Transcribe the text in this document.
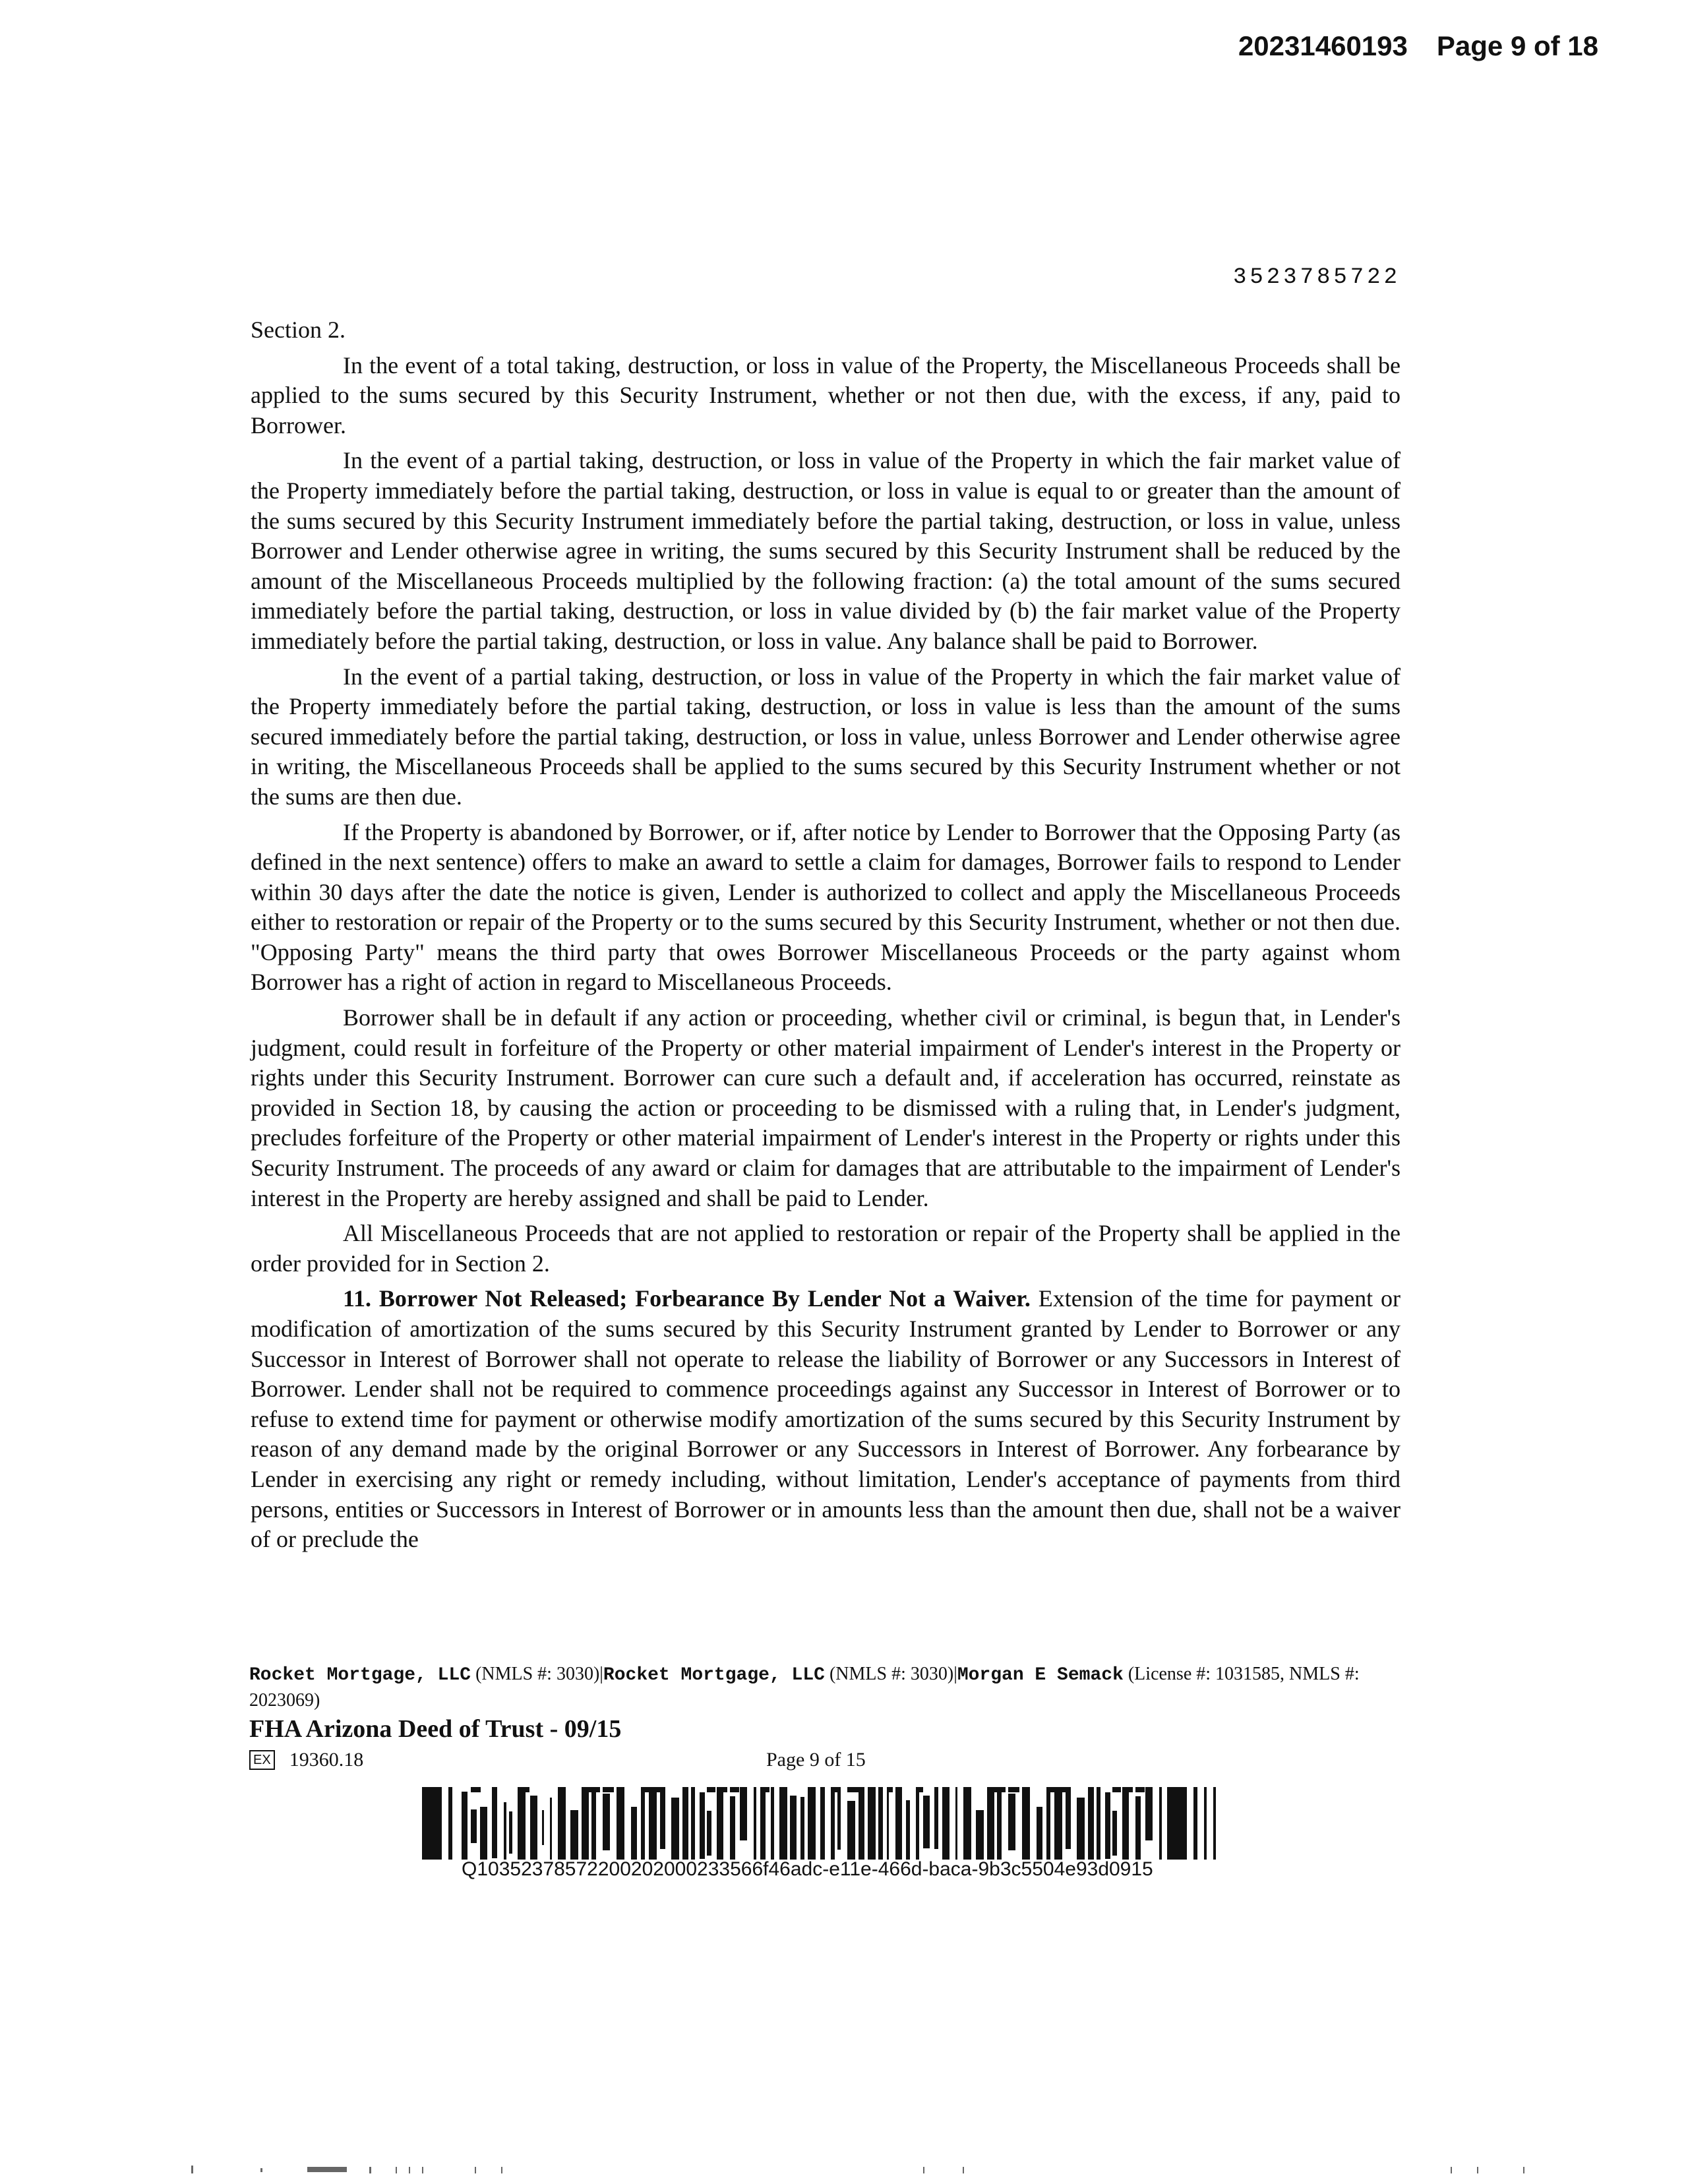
20231460193 Page 9 of 18
3523785722

Section 2.

In the event of a total taking, destruction, or loss in value of the Property, the Miscellaneous Proceeds shall be applied to the sums secured by this Security Instrument, whether or not then due, with the excess, if any, paid to Borrower.

In the event of a partial taking, destruction, or loss in value of the Property in which the fair market value of the Property immediately before the partial taking, destruction, or loss in value is equal to or greater than the amount of the sums secured by this Security Instrument immediately before the partial taking, destruction, or loss in value, unless Borrower and Lender otherwise agree in writing, the sums secured by this Security Instrument shall be reduced by the amount of the Miscellaneous Proceeds multiplied by the following fraction: (a) the total amount of the sums secured immediately before the partial taking, destruction, or loss in value divided by (b) the fair market value of the Property immediately before the partial taking, destruction, or loss in value. Any balance shall be paid to Borrower.

In the event of a partial taking, destruction, or loss in value of the Property in which the fair market value of the Property immediately before the partial taking, destruction, or loss in value is less than the amount of the sums secured immediately before the partial taking, destruction, or loss in value, unless Borrower and Lender otherwise agree in writing, the Miscellaneous Proceeds shall be applied to the sums secured by this Security Instrument whether or not the sums are then due.

If the Property is abandoned by Borrower, or if, after notice by Lender to Borrower that the Opposing Party (as defined in the next sentence) offers to make an award to settle a claim for damages, Borrower fails to respond to Lender within 30 days after the date the notice is given, Lender is authorized to collect and apply the Miscellaneous Proceeds either to restoration or repair of the Property or to the sums secured by this Security Instrument, whether or not then due. "Opposing Party" means the third party that owes Borrower Miscellaneous Proceeds or the party against whom Borrower has a right of action in regard to Miscellaneous Proceeds.

Borrower shall be in default if any action or proceeding, whether civil or criminal, is begun that, in Lender's judgment, could result in forfeiture of the Property or other material impairment of Lender's interest in the Property or rights under this Security Instrument. Borrower can cure such a default and, if acceleration has occurred, reinstate as provided in Section 18, by causing the action or proceeding to be dismissed with a ruling that, in Lender's judgment, precludes forfeiture of the Property or other material impairment of Lender's interest in the Property or rights under this Security Instrument. The proceeds of any award or claim for damages that are attributable to the impairment of Lender's interest in the Property are hereby assigned and shall be paid to Lender.

All Miscellaneous Proceeds that are not applied to restoration or repair of the Property shall be applied in the order provided for in Section 2.

11. Borrower Not Released; Forbearance By Lender Not a Waiver. Extension of the time for payment or modification of amortization of the sums secured by this Security Instrument granted by Lender to Borrower or any Successor in Interest of Borrower shall not operate to release the liability of Borrower or any Successors in Interest of Borrower. Lender shall not be required to commence proceedings against any Successor in Interest of Borrower or to refuse to extend time for payment or otherwise modify amortization of the sums secured by this Security Instrument by reason of any demand made by the original Borrower or any Successors in Interest of Borrower. Any forbearance by Lender in exercising any right or remedy including, without limitation, Lender's acceptance of payments from third persons, entities or Successors in Interest of Borrower or in amounts less than the amount then due, shall not be a waiver of or preclude the

Rocket Mortgage, LLC (NMLS #: 3030)|Rocket Mortgage, LLC (NMLS #: 3030)|Morgan E Semack (License #: 1031585, NMLS #: 2023069)
FHA Arizona Deed of Trust - 09/15
EX 19360.18	Page 9 of 15
Q10352378572200202000233566f46adc-e11e-466d-baca-9b3c5504e93d0915
